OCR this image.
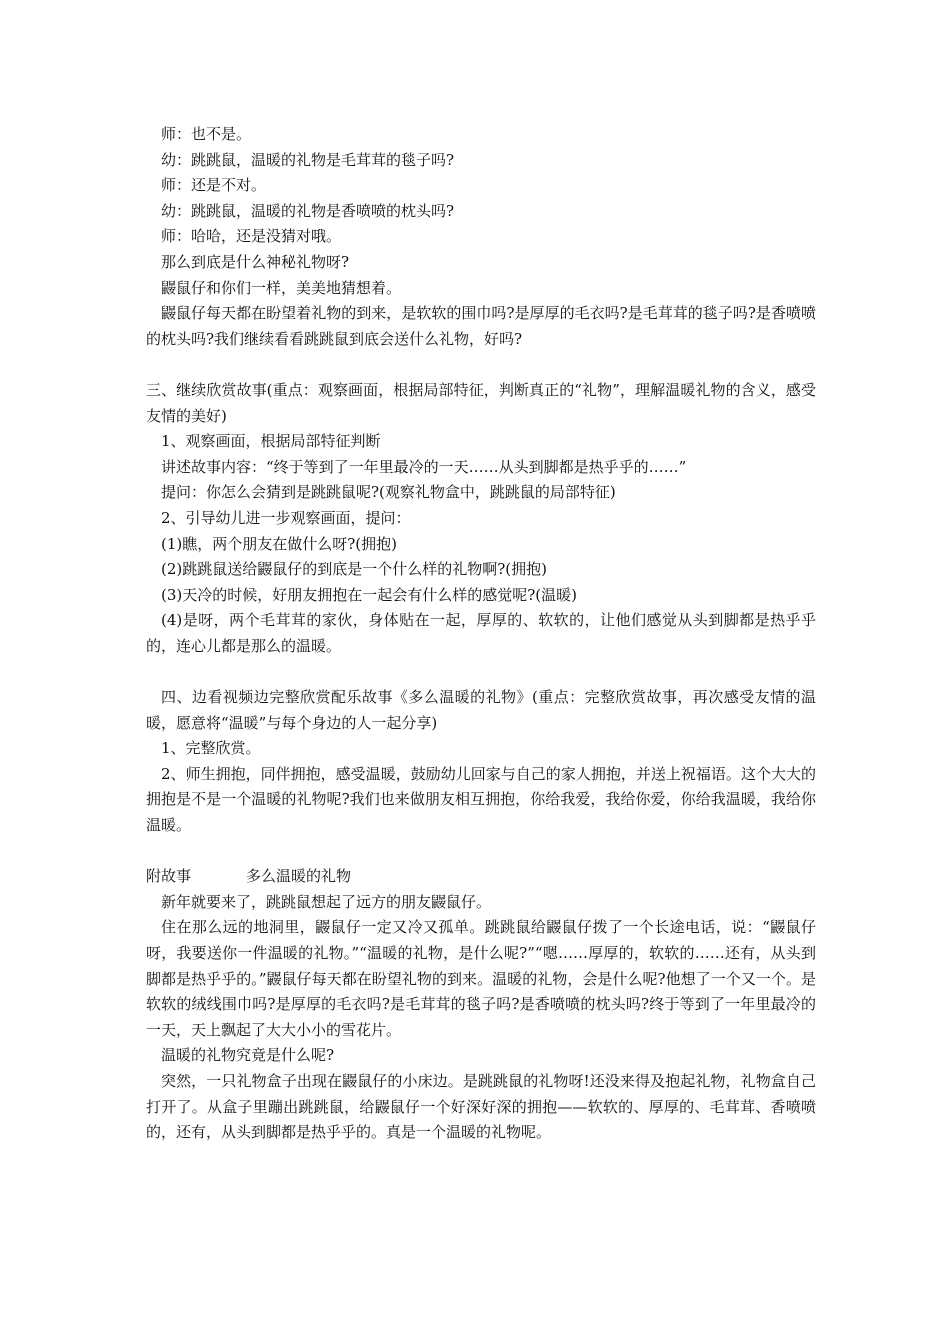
师：也不是。

幼：跳跳鼠，温暖的礼物是毛茸茸的毯子吗?

师：还是不对。

幼：跳跳鼠，温暖的礼物是香喷喷的枕头吗?

师：哈哈，还是没猜对哦。

那么到底是什么神秘礼物呀?

鼹鼠仔和你们一样，美美地猜想着。

鼹鼠仔每天都在盼望着礼物的到来，是软软的围巾吗?是厚厚的毛衣吗?是毛茸茸的毯子吗?是香喷喷的枕头吗?我们继续看看跳跳鼠到底会送什么礼物，好吗?

三、继续欣赏故事(重点：观察画面，根据局部特征，判断真正的“礼物”，理解温暖礼物的含义，感受友情的美好)

1、观察画面，根据局部特征判断

讲述故事内容：“终于等到了一年里最冷的一天……从头到脚都是热乎乎的……”

提问：你怎么会猜到是跳跳鼠呢?(观察礼物盒中，跳跳鼠的局部特征)

2、引导幼儿进一步观察画面，提问：

(1)瞧，两个朋友在做什么呀?(拥抱)

(2)跳跳鼠送给鼹鼠仔的到底是一个什么样的礼物啊?(拥抱)

(3)天冷的时候，好朋友拥抱在一起会有什么样的感觉呢?(温暖)

(4)是呀，两个毛茸茸的家伙，身体贴在一起，厚厚的、软软的，让他们感觉从头到脚都是热乎乎的，连心儿都是那么的温暖。

四、边看视频边完整欣赏配乐故事《多么温暖的礼物》(重点：完整欣赏故事，再次感受友情的温暖，愿意将“温暖”与每个身边的人一起分享)

1、完整欣赏。

2、师生拥抱，同伴拥抱，感受温暖，鼓励幼儿回家与自己的家人拥抱，并送上祝福语。这个大大的拥抱是不是一个温暖的礼物呢?我们也来做朋友相互拥抱，你给我爱，我给你爱，你给我温暖，我给你温暖。

附故事	多么温暖的礼物

新年就要来了，跳跳鼠想起了远方的朋友鼹鼠仔。

住在那么远的地洞里，鼹鼠仔一定又冷又孤单。跳跳鼠给鼹鼠仔拨了一个长途电话，说：“鼹鼠仔呀，我要送你一件温暖的礼物。”“温暖的礼物，是什么呢?”“嗯……厚厚的，软软的……还有，从头到脚都是热乎乎的。”鼹鼠仔每天都在盼望礼物的到来。温暖的礼物，会是什么呢?他想了一个又一个。是软软的绒线围巾吗?是厚厚的毛衣吗?是毛茸茸的毯子吗?是香喷喷的枕头吗?终于等到了一年里最冷的一天，天上飘起了大大小小的雪花片。

温暖的礼物究竟是什么呢?

突然，一只礼物盒子出现在鼹鼠仔的小床边。是跳跳鼠的礼物呀!还没来得及抱起礼物，礼物盒自己打开了。从盒子里蹦出跳跳鼠，给鼹鼠仔一个好深好深的拥抱——软软的、厚厚的、毛茸茸、香喷喷的，还有，从头到脚都是热乎乎的。真是一个温暖的礼物呢。
